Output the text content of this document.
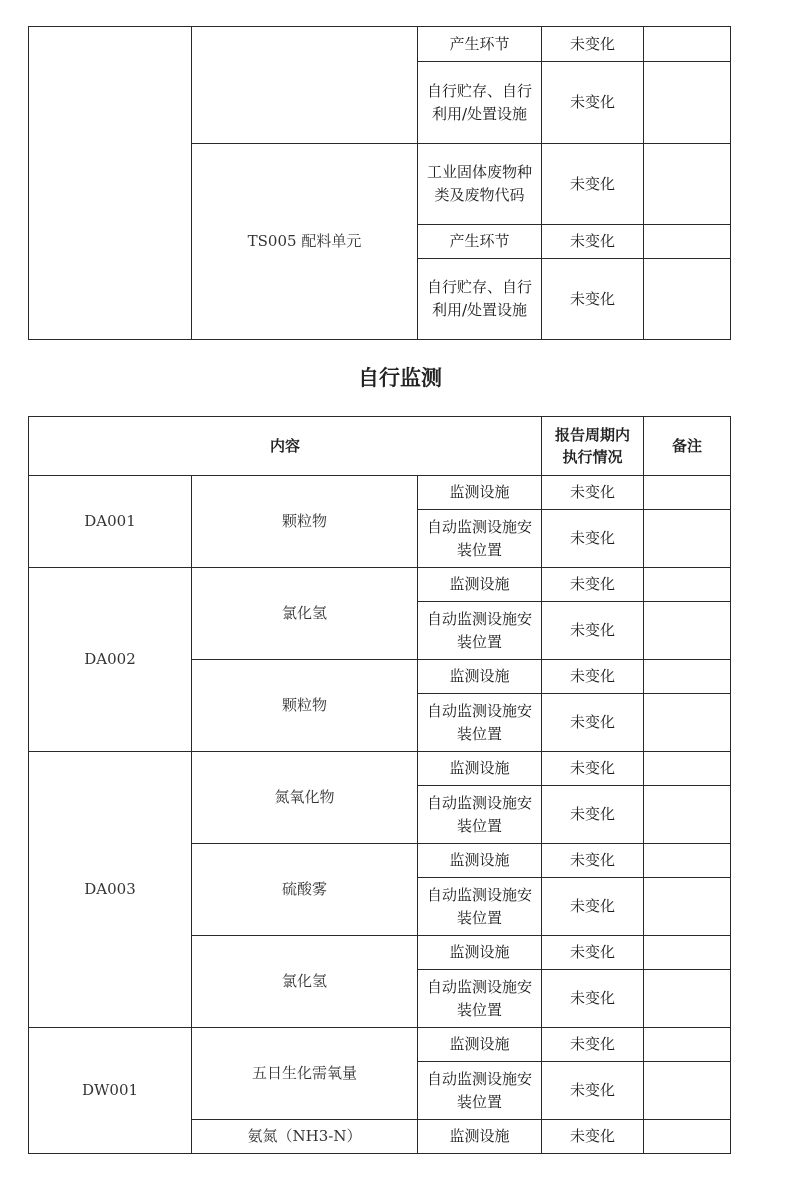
		产生环节	未变化	
		自行贮存、自行利用/处置设施	未变化	
	TS005 配料单元	工业固体废物种类及废物代码	未变化	
		产生环节	未变化	
		自行贮存、自行利用/处置设施	未变化	
自行监测
内容			报告周期内执行情况	备注
DA001	颗粒物	监测设施	未变化	
		自动监测设施安装位置	未变化	
DA002	氯化氢	监测设施	未变化	
		自动监测设施安装位置	未变化	
	颗粒物	监测设施	未变化	
		自动监测设施安装位置	未变化	
DA003	氮氧化物	监测设施	未变化	
		自动监测设施安装位置	未变化	
	硫酸雾	监测设施	未变化	
		自动监测设施安装位置	未变化	
	氯化氢	监测设施	未变化	
		自动监测设施安装位置	未变化	
DW001	五日生化需氧量	监测设施	未变化	
		自动监测设施安装位置	未变化	
	氨氮（NH3-N）	监测设施	未变化	
